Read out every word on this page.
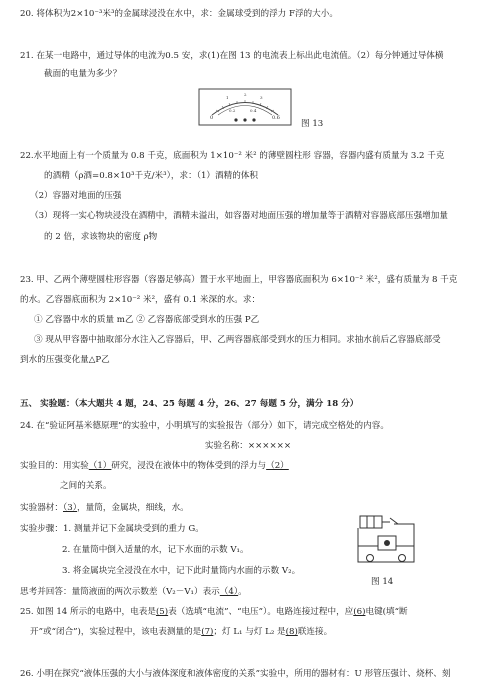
20. 将体积为2×10⁻³米³的金属球浸没在水中，求：金属球受到的浮力 F浮的大小。
21. 在某一电路中，通过导体的电流为0.5 安，求(1)在图 13 的电流表上标出此电流值。（2）每分钟通过导体横
截面的电量为多少？
0
0.2	0.4
0.6
1
2
3
图 13
22.水平地面上有一个质量为 0.8 千克，底面积为 1×10⁻² 米² 的薄壁圆柱形 容器，容器内盛有质量为 3.2 千克
的酒精（ρ酒=0.8×10³千克/米³），求：（1）酒精的体积
（2）容器对地面的压强
（3）现将一实心物块浸没在酒精中，酒精未溢出，如容器对地面压强的增加量等于酒精对容器底部压强增加量
的 2 倍，求该物块的密度 ρ物
23. 甲、乙两个薄壁圆柱形容器（容器足够高）置于水平地面上，甲容器底面积为 6×10⁻² 米²，盛有质量为 8 千克
的水。乙容器底面积为 2×10⁻² 米²，盛有 0.1 米深的水。求：
① 乙容器中水的质量 m乙 ② 乙容器底部受到水的压强 P乙
③ 现从甲容器中抽取部分水注入乙容器后，甲、乙两容器底部受到水的压力相同。求抽水前后乙容器底部受
到水的压强变化量△P乙
五、 实验题：（本大题共 4 题，24、25 每题 4 分，26、27 每题 5 分，满分 18 分）
24. 在“验证阿基米德原理”的实验中，小明填写的实验报告（部分）如下，请完成空格处的内容。
实验名称：××××××
实验目的：用实验（1）研究，浸没在液体中的物体受到的浮力与（2）
之间的关系。
实验器材：（3），量筒，金属块，细线，水。
实验步骤：1. 测量并记下金属块受到的重力 G。
2. 在量筒中倒入适量的水，记下水面的示数 V₁。
3. 将金属块完全浸没在水中，记下此时量筒内水面的示数 V₂。
图 14
思考并回答：量筒液面的两次示数差（V₂－V₁）表示（4）。
25. 如图 14 所示的电路中，电表是(5)表（选填“电流”、“电压”）。电路连接过程中，应(6)电键(填“断
开”或“闭合”)，实验过程中，该电表测量的是(7)；灯 L₁ 与灯 L₂ 是(8)联连接。
26. 小明在探究“液体压强的大小与液体深度和液体密度的关系”实验中，所用的器材有：U 形管压强计、烧杯、刻
